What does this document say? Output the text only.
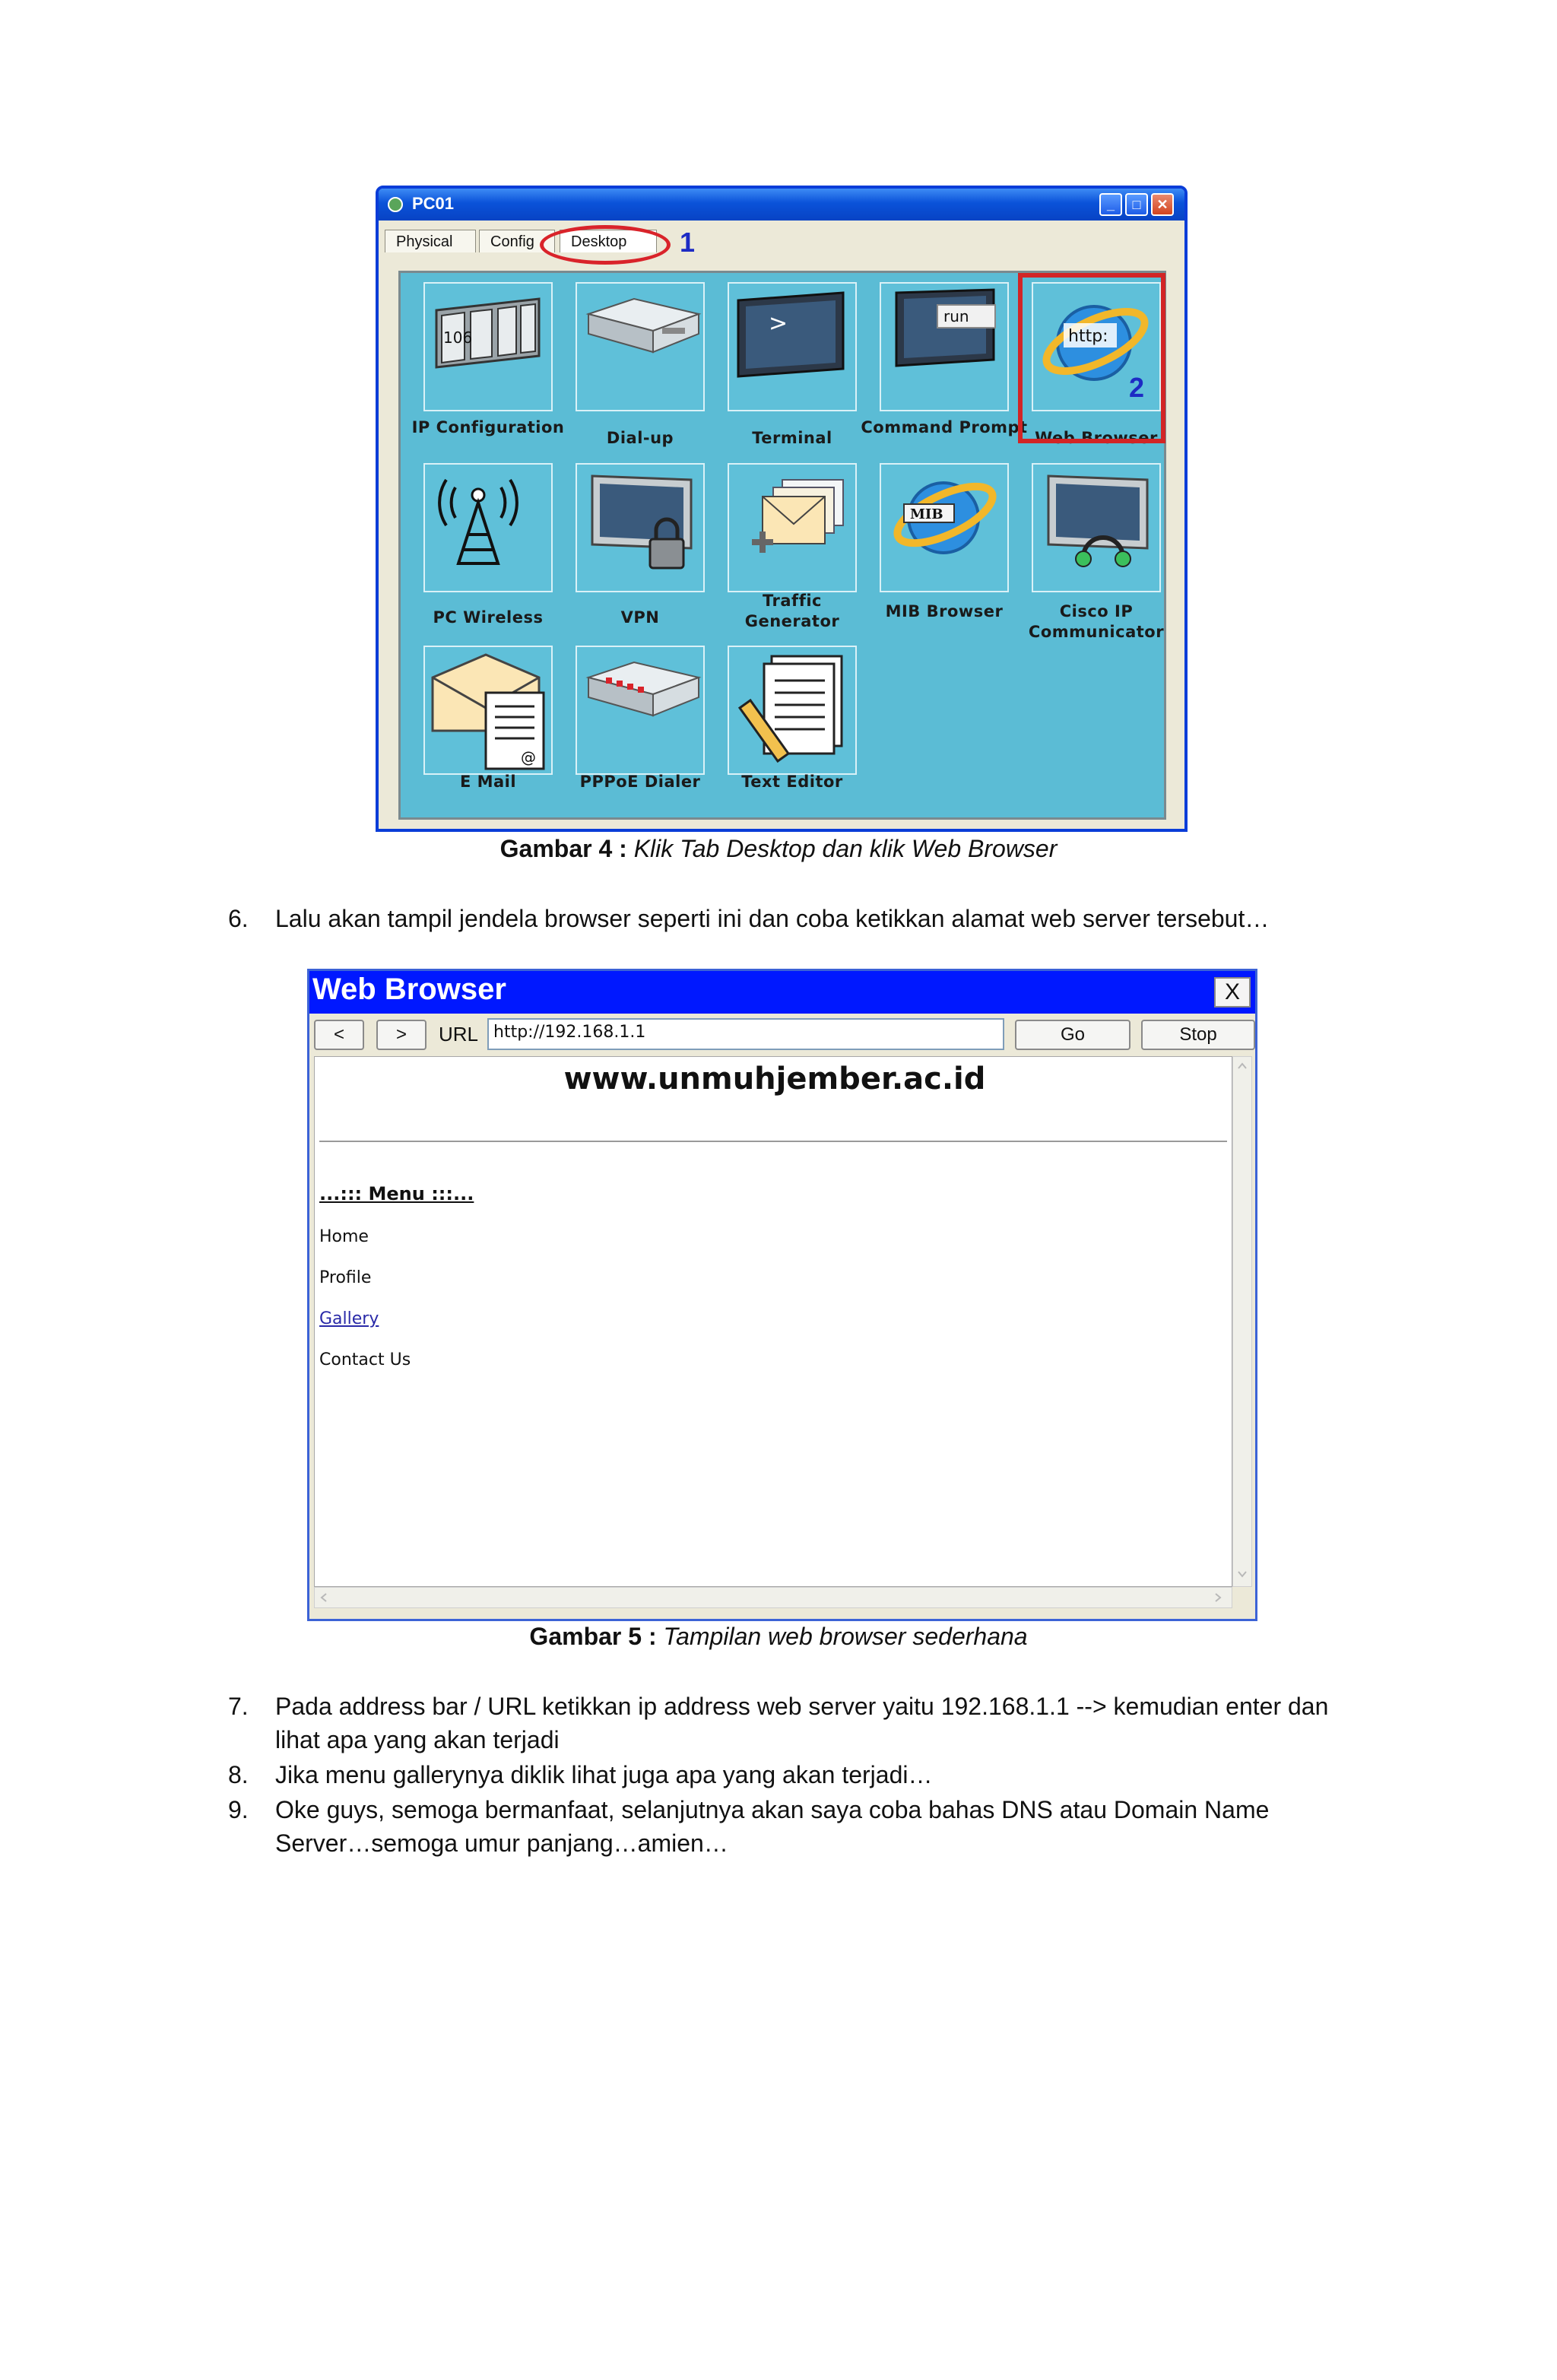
PC01	_	□	✕
Physical	Config	Desktop	1
106
>	run
http:
IP Configuration
Dial-up	Terminal
Command Prompt
Web Browser
MIB
PC Wireless	VPN
Traffic Generator
MIB Browser	Cisco IP Communicator
@
E Mail	PPPoE Dialer	Text Editor
2
Gambar 4 : Klik Tab Desktop dan klik Web Browser
6. Lalu akan tampil jendela browser seperti ini dan coba ketikkan alamat web server tersebut…
Web Browser	X
<	>	URL http://192.168.1.1	Go	Stop
www.unmuhjember.ac.id
...::: Menu :::...
Home
Profile
Gallery
Contact Us
Gambar 5 : Tampilan web browser sederhana
7. Pada address bar / URL ketikkan ip address web server yaitu 192.168.1.1 --> kemudian enter dan lihat apa yang akan terjadi
8. Jika menu gallerynya diklik lihat juga apa yang akan terjadi…
9. Oke guys, semoga bermanfaat, selanjutnya akan saya coba bahas DNS atau Domain Name Server…semoga umur panjang…amien…
